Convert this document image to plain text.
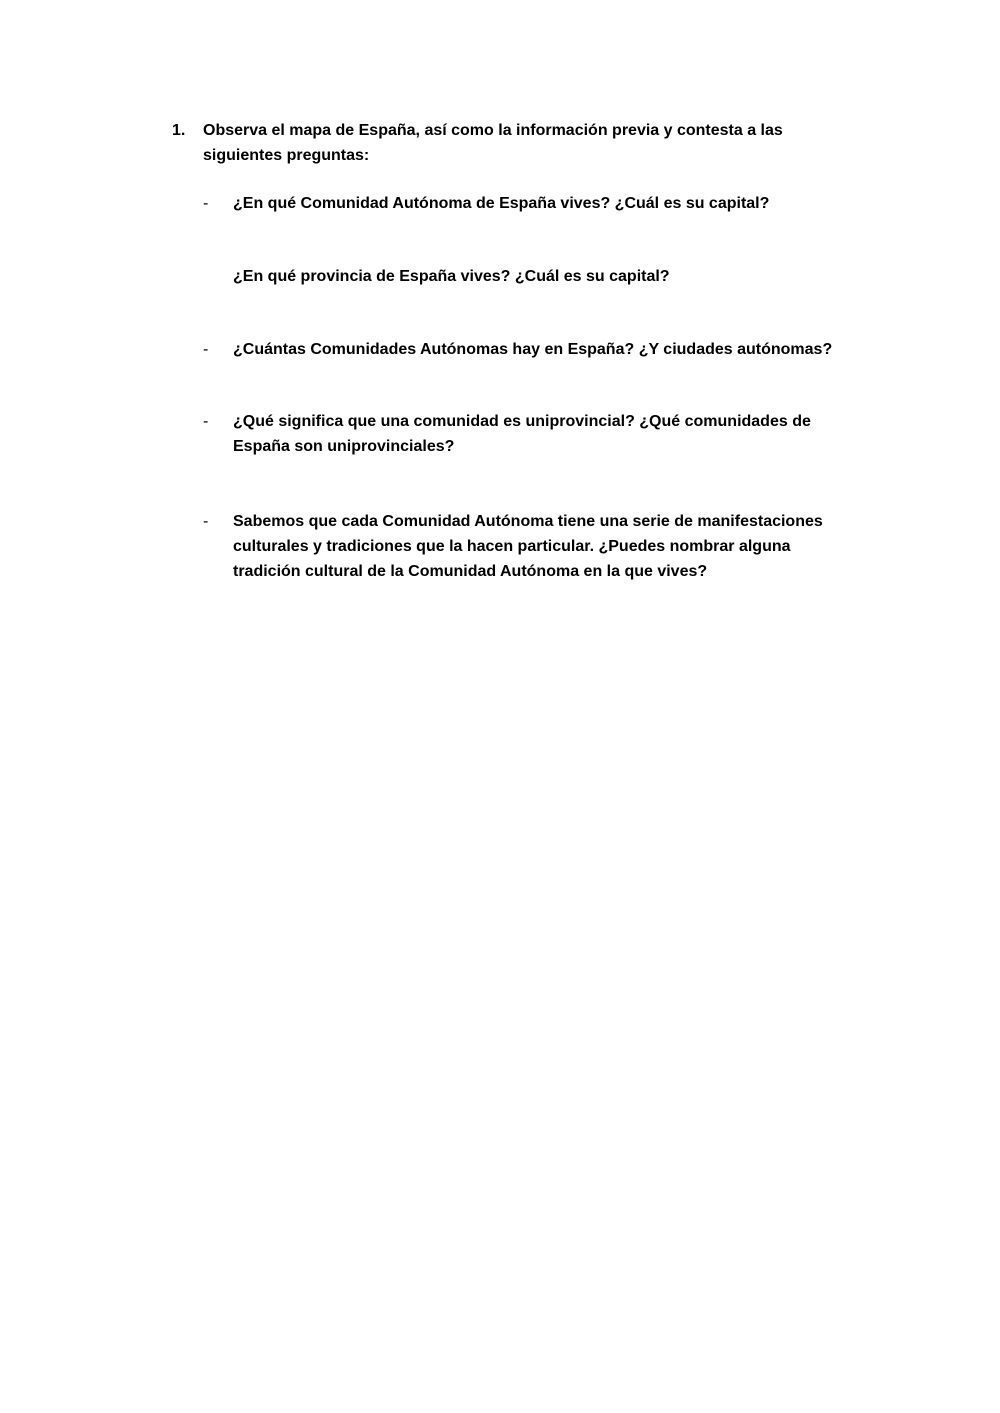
1. Observa el mapa de España, así como la información previa y contesta a las siguientes preguntas:
- ¿En qué Comunidad Autónoma de España vives? ¿Cuál es su capital?
¿En qué provincia de España vives? ¿Cuál es su capital?
- ¿Cuántas Comunidades Autónomas hay en España? ¿Y ciudades autónomas?
- ¿Qué significa que una comunidad es uniprovincial? ¿Qué comunidades de España son uniprovinciales?
- Sabemos que cada Comunidad Autónoma tiene una serie de manifestaciones culturales y tradiciones que la hacen particular. ¿Puedes nombrar alguna tradición cultural de la Comunidad Autónoma en la que vives?
